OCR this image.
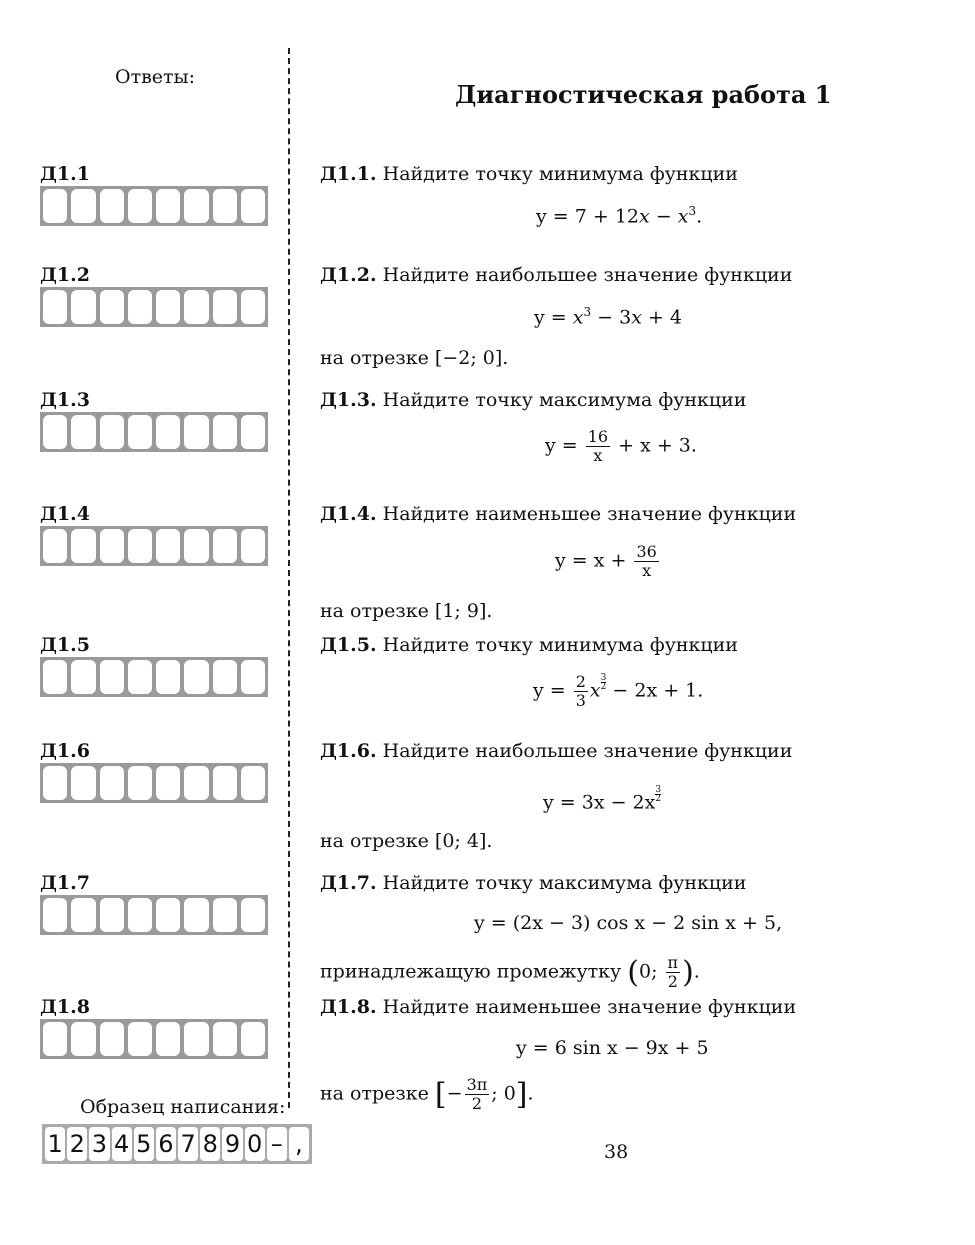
Ответы:
Диагностическая работа 1
Д1.1
Д1.2
Д1.3
Д1.4
Д1.5
Д1.6
Д1.7
Д1.8
Д1.1. Найдите точку минимума функции
$y = 7 + 12x - x^3$.
Д1.2. Найдите наибольшее значение функции
$y = x^3 - 3x + 4$
на отрезке [−2; 0].
Д1.3. Найдите точку максимума функции
$y = \frac{16}{x} + x + 3$.
Д1.4. Найдите наименьшее значение функции
$y = x + \frac{36}{x}$
на отрезке [1; 9].
Д1.5. Найдите точку минимума функции
$y = \frac{2}{3}$ x $\frac{3}{2} - 2x + 1$.
Д1.6. Найдите наибольшее значение функции
$y = 3x - 2x \frac{3}{2}$
на отрезке [0; 4].
Д1.7. Найдите точку максимума функции
y = (2x − 3) cos x − 2 sin x + 5,
принадлежащую промежутку (0; $\frac{\pi}{2}$ ).
Д1.8. Найдите наименьшее значение функции
y = 6 sin x − 9x + 5
на отрезке [− $\frac{3\pi}{2}$ ; 0].
Образец написания:
1 2 3 4 5 6 7 8 9 0 – ,	38
